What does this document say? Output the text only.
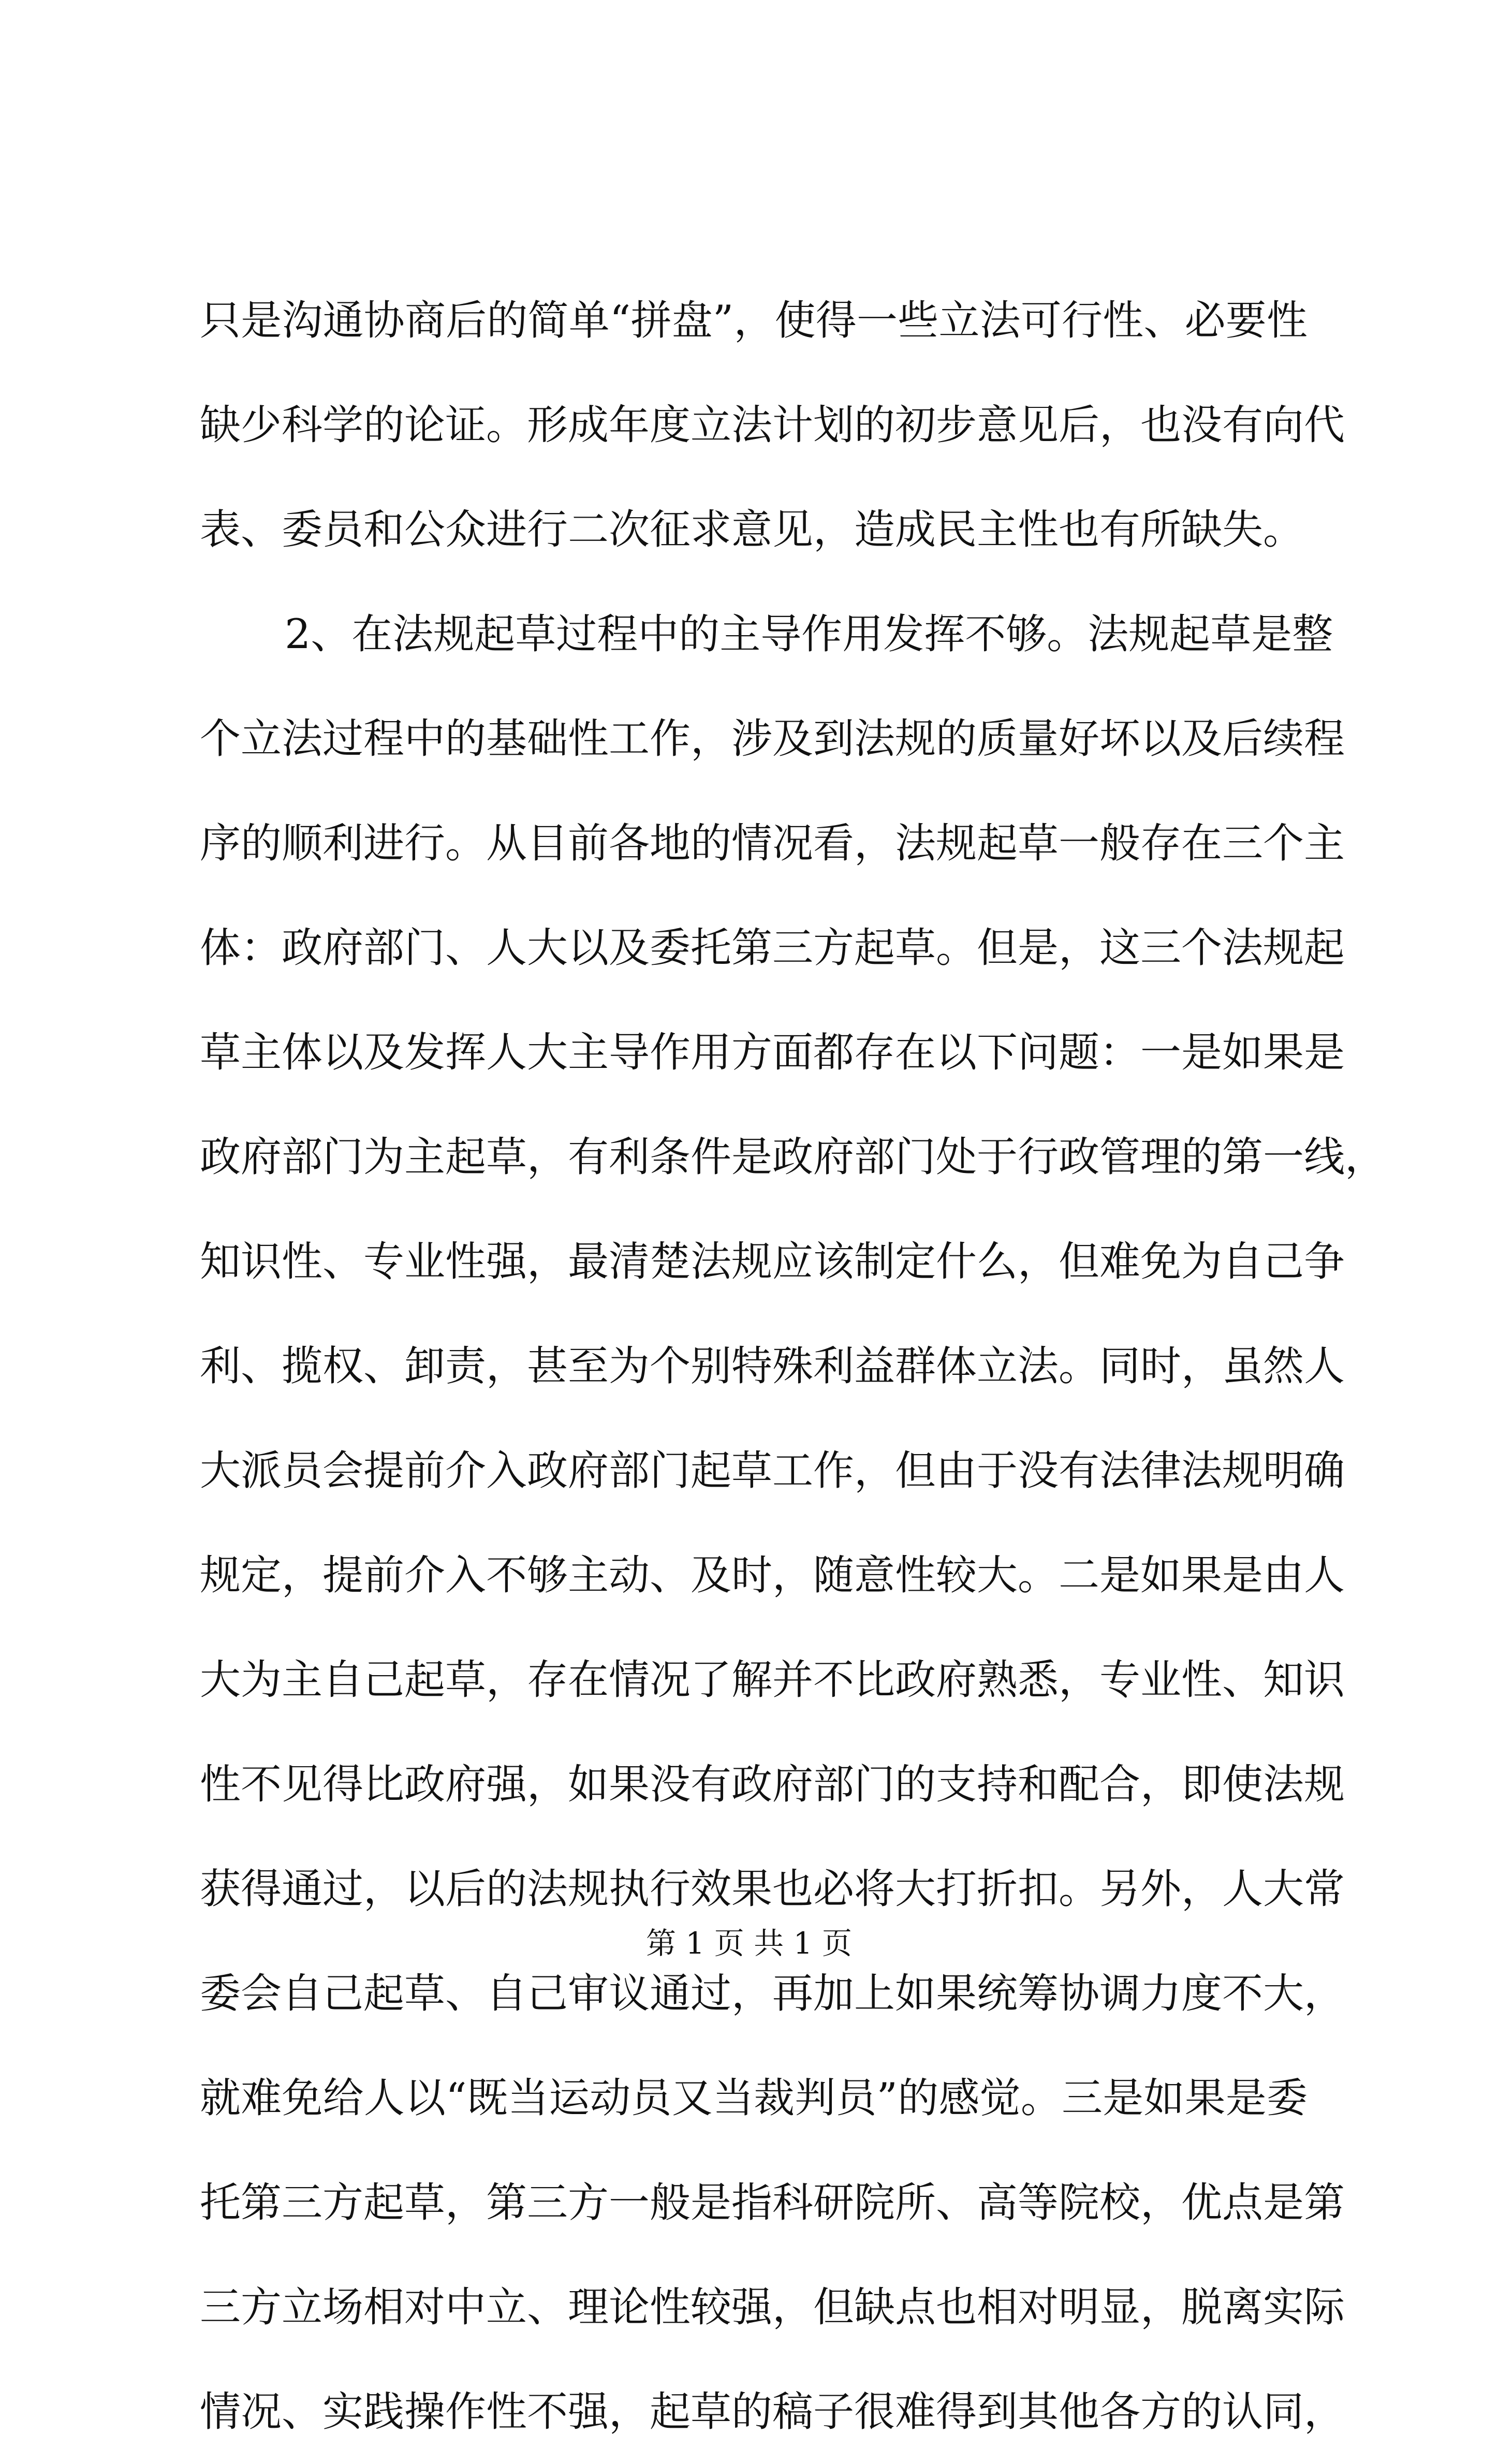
只是沟通协商后的简单“拼盘”，使得一些立法可行性、必要性
缺少科学的论证。形成年度立法计划的初步意见后，也没有向代
表、委员和公众进行二次征求意见，造成民主性也有所缺失。
2、在法规起草过程中的主导作用发挥不够。法规起草是整
个立法过程中的基础性工作，涉及到法规的质量好坏以及后续程
序的顺利进行。从目前各地的情况看，法规起草一般存在三个主
体：政府部门、人大以及委托第三方起草。但是，这三个法规起
草主体以及发挥人大主导作用方面都存在以下问题：一是如果是
政府部门为主起草，有利条件是政府部门处于行政管理的第一线，
知识性、专业性强，最清楚法规应该制定什么，但难免为自己争
利、揽权、卸责，甚至为个别特殊利益群体立法。同时，虽然人
大派员会提前介入政府部门起草工作，但由于没有法律法规明确
规定，提前介入不够主动、及时，随意性较大。二是如果是由人
大为主自己起草，存在情况了解并不比政府熟悉，专业性、知识
性不见得比政府强，如果没有政府部门的支持和配合，即使法规
获得通过，以后的法规执行效果也必将大打折扣。另外，人大常
委会自己起草、自己审议通过，再加上如果统筹协调力度不大，
就难免给人以“既当运动员又当裁判员”的感觉。三是如果是委
托第三方起草，第三方一般是指科研院所、高等院校，优点是第
三方立场相对中立、理论性较强，但缺点也相对明显，脱离实际
情况、实践操作性不强，起草的稿子很难得到其他各方的认同，
第 1 页 共 1 页
